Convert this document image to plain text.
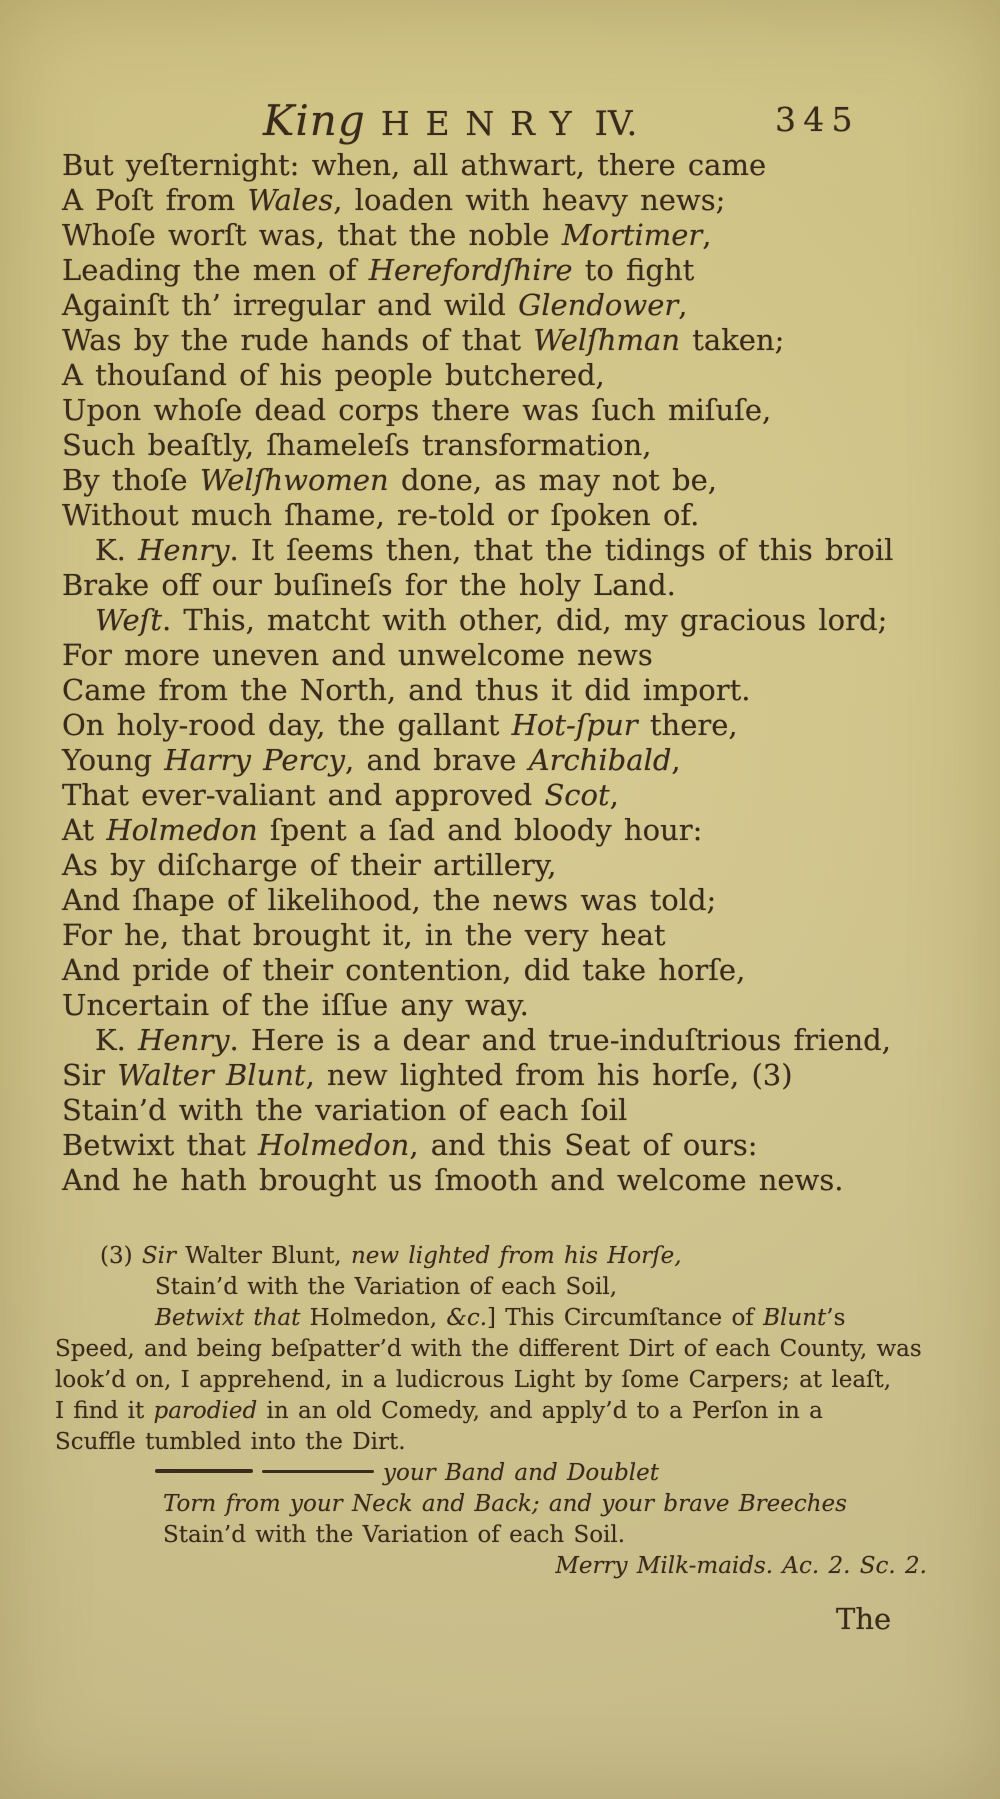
King HENRY IV.	345
But yeſternight: when, all athwart, there came
A Poſt from Wales, loaden with heavy news;
Whoſe worſt was, that the noble Mortimer,
Leading the men of Herefordſhire to fight
Againſt th’ irregular and wild Glendower,
Was by the rude hands of that Welſhman taken;
A thouſand of his people butchered,
Upon whoſe dead corps there was ſuch miſuſe,
Such beaſtly, ſhameleſs transformation,
By thoſe Welſhwomen done, as may not be,
Without much ſhame, re-told or ſpoken of.
K. Henry. It ſeems then, that the tidings of this broil
Brake off our buſineſs for the holy Land.
Weſt. This, matcht with other, did, my gracious lord;
For more uneven and unwelcome news
Came from the North, and thus it did import.
On holy-rood day, the gallant Hot-ſpur there,
Young Harry Percy, and brave Archibald,
That ever-valiant and approved Scot,
At Holmedon ſpent a ſad and bloody hour:
As by diſcharge of their artillery,
And ſhape of likelihood, the news was told;
For he, that brought it, in the very heat
And pride of their contention, did take horſe,
Uncertain of the iſſue any way.
K. Henry. Here is a dear and true-induſtrious friend,
Sir Walter Blunt, new lighted from his horſe, (3)
Stain’d with the variation of each ſoil
Betwixt that Holmedon, and this Seat of ours:
And he hath brought us ſmooth and welcome news.
(3) Sir Walter Blunt, new lighted from his Horſe,
Stain’d with the Variation of each Soil,
Betwixt that Holmedon, &c.] This Circumſtance of Blunt’s
Speed, and being beſpatter’d with the different Dirt of each County, was
look’d on, I apprehend, in a ludicrous Light by ſome Carpers; at leaſt,
I find it parodied in an old Comedy, and apply’d to a Perſon in a
Scuffle tumbled into the Dirt.
your Band and Doublet
Torn from your Neck and Back; and your brave Breeches
Stain’d with the Variation of each Soil.
Merry Milk-maids. Ac. 2. Sc. 2.
The
